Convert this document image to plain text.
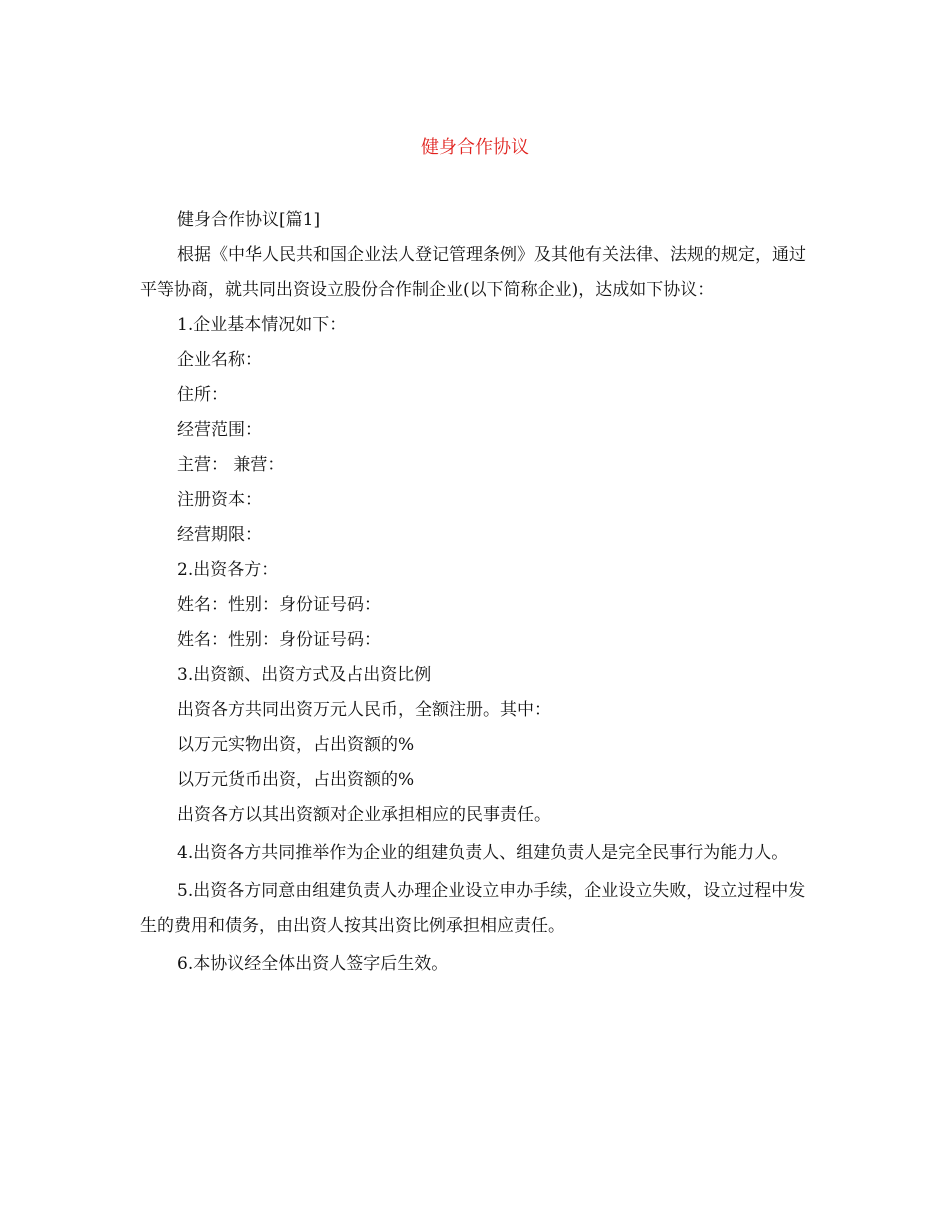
健身合作协议

健身合作协议[篇1]

根据《中华人民共和国企业法人登记管理条例》及其他有关法律、法规的规定，通过平等协商，就共同出资设立股份合作制企业(以下简称企业)，达成如下协议：

1.企业基本情况如下：

企业名称：

住所：

经营范围：

主营： 兼营：

注册资本：

经营期限：

2.出资各方：

姓名：性别：身份证号码：

姓名：性别：身份证号码：

3.出资额、出资方式及占出资比例

出资各方共同出资万元人民币，全额注册。其中：

以万元实物出资，占出资额的%

以万元货币出资，占出资额的%

出资各方以其出资额对企业承担相应的民事责任。

4.出资各方共同推举作为企业的组建负责人、组建负责人是完全民事行为能力人。

5.出资各方同意由组建负责人办理企业设立申办手续，企业设立失败，设立过程中发生的费用和债务，由出资人按其出资比例承担相应责任。

6.本协议经全体出资人签字后生效。
